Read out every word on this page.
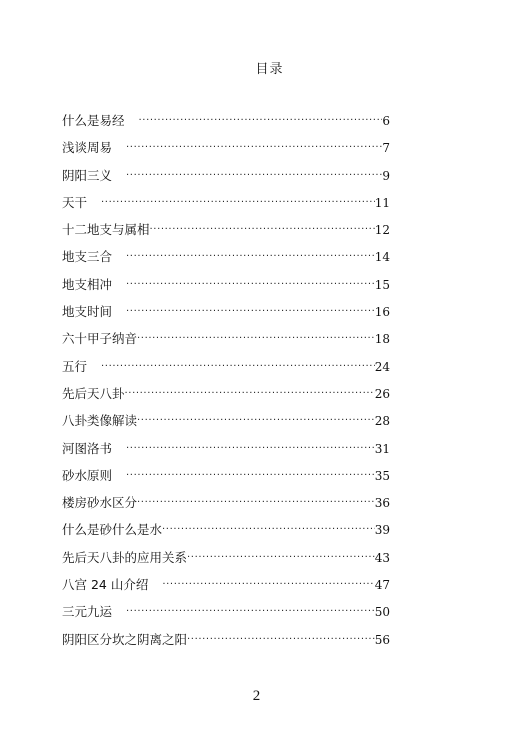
目录
什么是易经 ·····	6
浅谈周易 ·····	7
阴阳三义 ·····	9
天干 ·····	11
十二地支与属相 ·····	12
地支三合 ·····	14
地支相冲 ·····	15
地支时间 ·····	16
六十甲子纳音 ·····	18
五行 ·····	24
先后天八卦 ·····	26
八卦类像解读 ·····	28
河图洛书 ·····	31
砂水原则 ·····	35
楼房砂水区分 ·····	36
什么是砂什么是水 ·····	39
先后天八卦的应用关系 ·····	43
八宫 24 山介绍 ·····	47
三元九运 ·····	50
阴阳区分坎之阴离之阳 ·····	56
2
